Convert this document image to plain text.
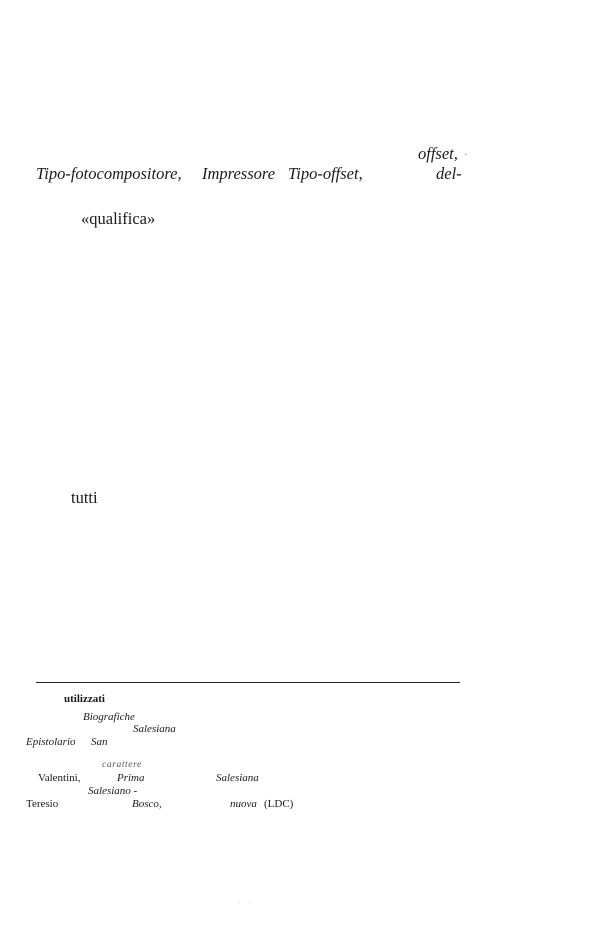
offset, ·
Tipo-fotocompositore, Impressore Tipo-offset,	del-
«qualifica»
tutti
utilizzati
Biografiche
Salesiana
Epistolario San
carattere
Valentini,	Prima	Salesiana
Salesiano -
Teresio	Bosco,	nuova (LDC)
· ·
